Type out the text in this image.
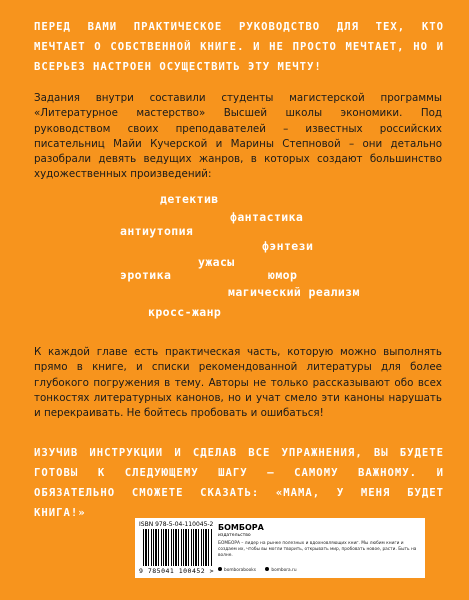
ПЕРЕД ВАМИ ПРАКТИЧЕСКОЕ РУКОВОДСТВО ДЛЯ ТЕХ, КТО МЕЧТАЕТ О СОБСТВЕННОЙ КНИГЕ. И НЕ ПРОСТО МЕЧТАЕТ, НО И ВСЕРЬЕЗ НАСТРОЕН ОСУЩЕСТВИТЬ ЭТУ МЕЧТУ!
Задания внутри составили студенты магистерской программы «Литературное мастерство» Высшей школы экономики. Под руководством своих преподавателей – известных российских писательниц Майи Кучерской и Марины Степновой – они детально разобрали девять ведущих жанров, в которых создают большинство художественных произведений:
детектив
фантастика
антиутопия
фэнтези
ужасы
эротика	юмор
магический реализм
кросс-жанр
К каждой главе есть практическая часть, которую можно выполнять прямо в книге, и списки рекомендованной литературы для более глубокого погружения в тему. Авторы не только рассказывают обо всех тонкостях литературных канонов, но и учат смело эти каноны нарушать и перекраивать. Не бойтесь пробовать и ошибаться!
ИЗУЧИВ ИНСТРУКЦИИ И СДЕЛАВ ВСЕ УПРАЖНЕНИЯ, ВЫ БУДЕТЕ ГОТОВЫ К СЛЕДУЮЩЕМУ ШАГУ – САМОМУ ВАЖНОМУ. И ОБЯЗАТЕЛЬНО СМОЖЕТЕ СКАЗАТЬ: «МАМА, У МЕНЯ БУДЕТ КНИГА!»
ISBN 978-5-04-110045-2
9 785041 100452 >
БОМБОРА
издательство
БОМБОРА – лидер на рынке полезных и вдохновляющих книг. Мы любим книги и создаем их, чтобы вы могли творить, открывать мир, пробовать новое, расти. Быть на волне.
bomborabooks	bombora.ru
